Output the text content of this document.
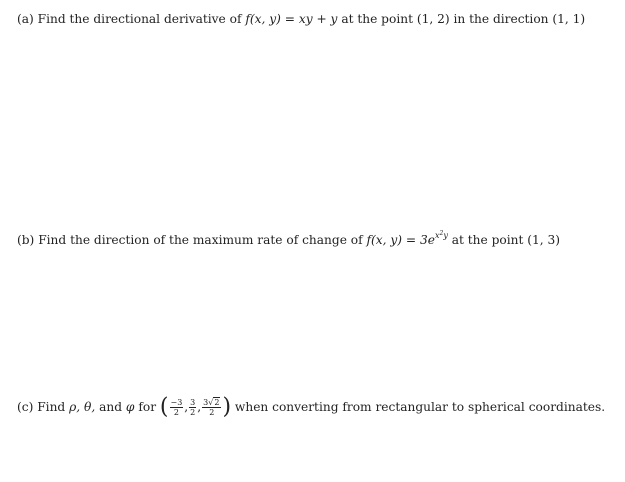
(a) Find the directional derivative of f(x, y) = xy + y at the point (1, 2) in the direction (1, 1)
(b) Find the direction of the maximum rate of change of f(x, $y) = 3e^{x^2y}$ at the point (1, 3)
(c) Find ρ, θ, and φ for ( $\frac{-3}{2}$ , $\frac{3}{2}$ , $\frac{3√2}{2}$ ) when converting from rectangular to spherical coordinates.
